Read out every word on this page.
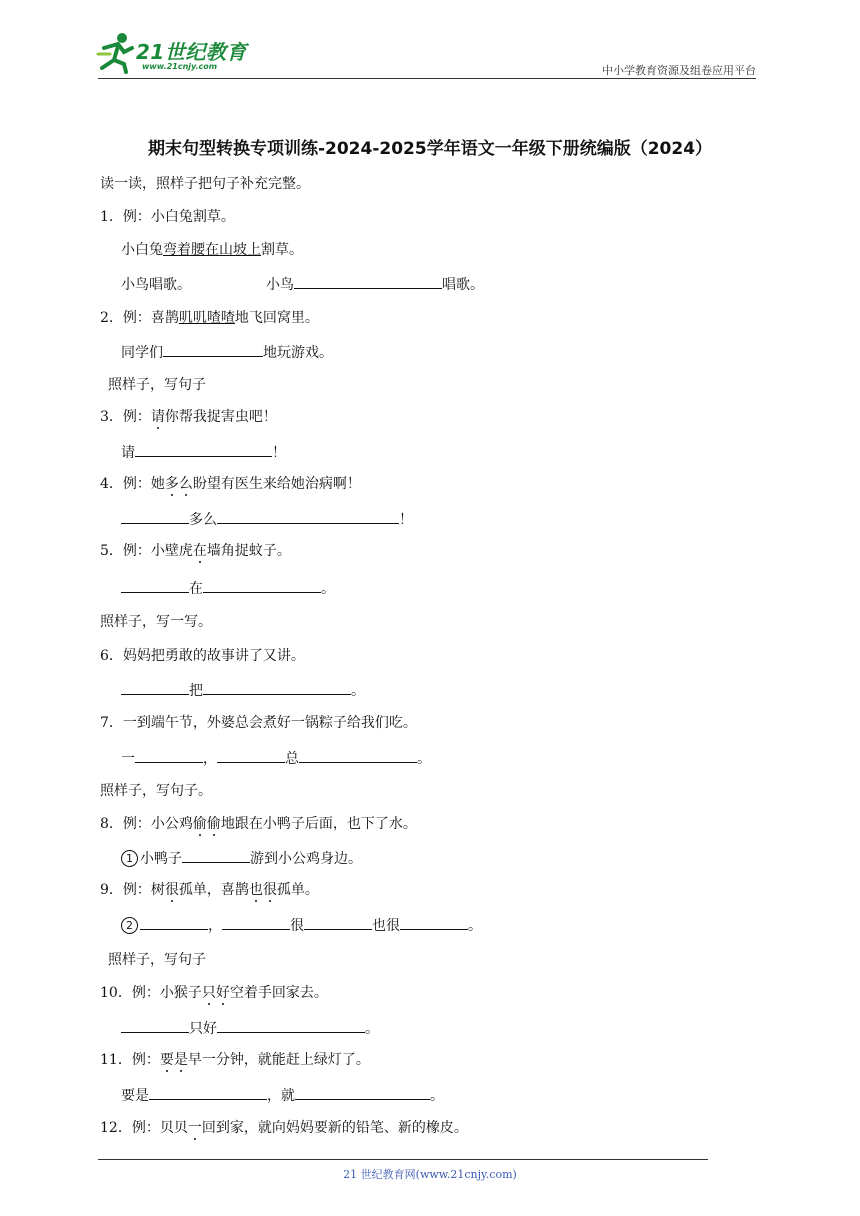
21世纪教育
www.21cnjy.com	中小学教育资源及组卷应用平台
期末句型转换专项训练-2024-2025学年语文一年级下册统编版（2024）
读一读，照样子把句子补充完整。
1．例：小白兔割草。
小白兔弯着腰在山坡上割草。
小鸟唱歌。	小鸟	唱歌。
2．例：喜鹊叽叽喳喳地飞回窝里。
同学们	地玩游戏。
照样子，写句子
3．例：请你帮我捉害虫吧！
请	！
4．例：她多么盼望有医生来给她治病啊！
多么	！
5．例：小壁虎在墙角捉蚊子。
在	。
照样子，写一写。
6．妈妈把勇敢的故事讲了又讲。
把	。
7．一到端午节，外婆总会煮好一锅粽子给我们吃。
一	，	总	。
照样子，写句子。
8．例：小公鸡偷偷地跟在小鸭子后面，也下了水。
1 小鸭子	游到小公鸡身边。
9．例：树很孤单，喜鹊也很孤单。
2	，	很	也很	。
照样子，写句子
10．例：小猴子只好空着手回家去。
只好	。
11．例：要是早一分钟，就能赶上绿灯了。
要是	，就	。
12．例：贝贝一回到家，就向妈妈要新的铅笔、新的橡皮。
21 世纪教育网(www.21cnjy.com)
